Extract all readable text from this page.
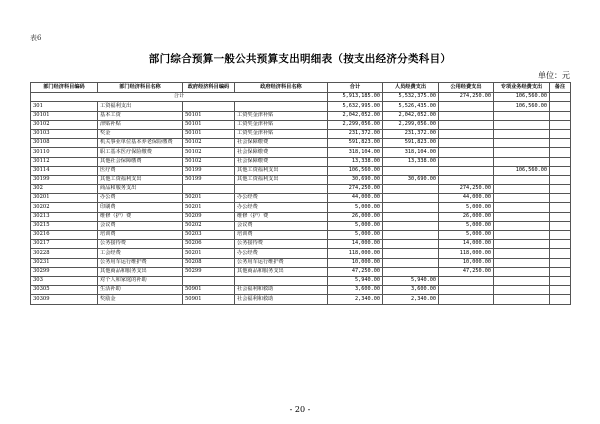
表6
部门综合预算一般公共预算支出明细表（按支出经济分类科目）
单位：元
部门经济科目编码	部门经济科目名称	政府经济科目编码	政府经济科目名称	合计	人员经费支出	公用经费支出	专项业务经费支出	备注
合计				5,913,185.00	5,532,375.00	274,250.00	106,560.00	
301	工资福利支出			5,632,995.00	5,526,435.00		106,560.00	
30101	基本工资	50101	工资奖金津补贴	2,042,052.00	2,042,052.00			
30102	津贴补贴	50101	工资奖金津补贴	2,299,056.00	2,299,056.00			
30103	奖金	50101	工资奖金津补贴	231,372.00	231,372.00			
30108	机关事业单位基本养老保险缴费	50102	社会保障缴费	591,823.00	591,823.00			
30110	职工基本医疗保险缴费	50102	社会保障缴费	318,104.00	318,104.00			
30112	其他社会保障缴费	50102	社会保障缴费	13,338.00	13,338.00			
30114	医疗费	50199	其他工资福利支出	106,560.00			106,560.00	
30199	其他工资福利支出	50199	其他工资福利支出	30,690.00	30,690.00			
302	商品和服务支出			274,250.00		274,250.00		
30201	办公费	50201	办公经费	44,000.00		44,000.00		
30202	印刷费	50201	办公经费	5,000.00		5,000.00		
30213	维修（护）费	50209	维修（护）费	26,000.00		26,000.00		
30215	会议费	50202	会议费	5,000.00		5,000.00		
30216	培训费	50203	培训费	5,000.00		5,000.00		
30217	公务接待费	50206	公务接待费	14,000.00		14,000.00		
30228	工会经费	50201	办公经费	118,000.00		118,000.00		
30231	公务用车运行维护费	50208	公务用车运行维护费	10,000.00		10,000.00		
30299	其他商品和服务支出	50299	其他商品和服务支出	47,250.00		47,250.00		
303	对个人和家庭的补助			5,940.00	5,940.00			
30305	生活补助	50901	社会福利和救助	3,600.00	3,600.00			
30309	奖励金	50901	社会福利和救助	2,340.00	2,340.00			
- 20 -
